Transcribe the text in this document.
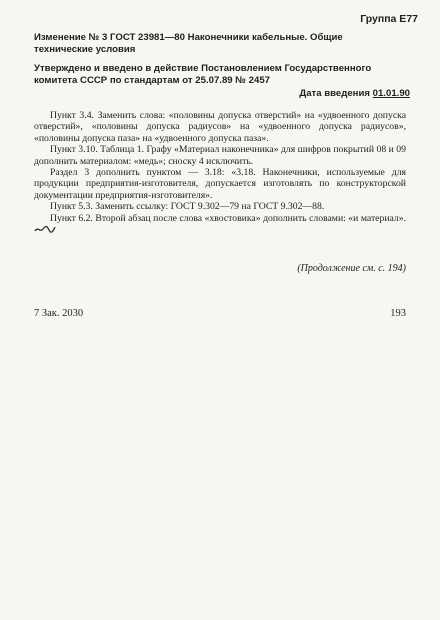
Группа Е77
Изменение № 3 ГОСТ 23981—80 Наконечники кабельные. Общие технические условия
Утверждено и введено в действие Постановлением Государственного комитета СССР по стандартам от 25.07.89 № 2457
Дата введения 01.01.90

Пункт 3.4. Заменить слова: «половины допуска отверстий» на «удвоенного допуска отверстий», «половины допуска радиусов» на «удвоенного допуска радиусов», «половины допуска паза» на «удвоенного допуска паза».

Пункт 3.10. Таблица 1. Графу «Материал наконечника» для шифров покрытий 08 и 09 дополнить материалом: «медь»; сноску 4 исключить.

Раздел 3 дополнить пунктом — 3.18: «3.18. Наконечники, используемые для продукции предприятия-изготовителя, допускается изготовлять по конструкторской документации предприятия-изготовителя».

Пункт 5.3. Заменить ссылку: ГОСТ 9.302—79 на ГОСТ 9.302—88.

Пункт 6.2. Второй абзац после слова «хвостовика» дополнить словами: «и материал».

(Продолжение см. с. 194)
7 Зак. 2030	193
